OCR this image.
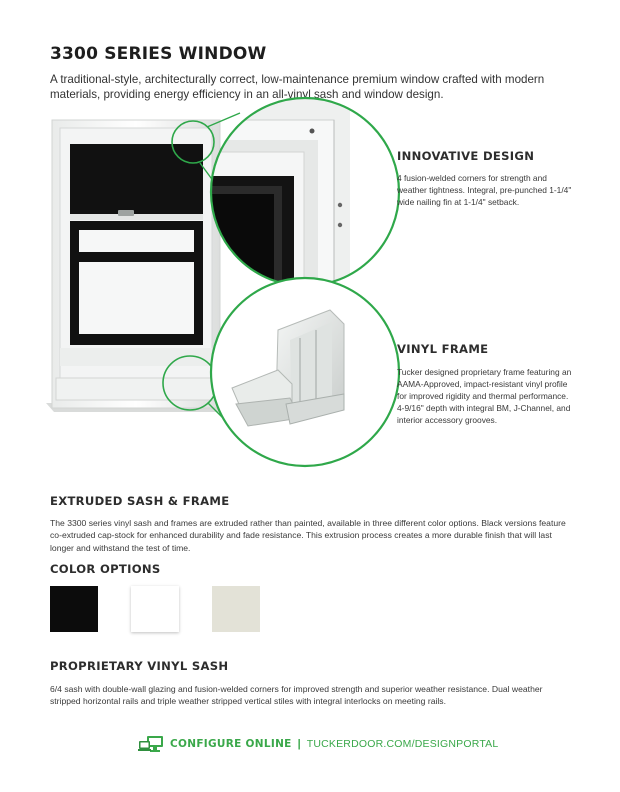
3300 SERIES WINDOW

A traditional-style, architecturally correct, low-maintenance premium window crafted with modern materials, providing energy efficiency in an all-vinyl sash and window design.

INNOVATIVE DESIGN

4 fusion-welded corners for strength and weather tightness. Integral, pre-punched 1-1/4" wide nailing fin at 1-1/4" setback.

VINYL FRAME

Tucker designed proprietary frame featuring an AAMA-Approved, impact-resistant vinyl profile for improved rigidity and thermal performance. 4-9/16" depth with integral BM, J-Channel, and interior accessory grooves.

EXTRUDED SASH & FRAME

The 3300 series vinyl sash and frames are extruded rather than painted, available in three different color options. Black versions feature co-extruded cap-stock for enhanced durability and fade resistance. This extrusion process creates a more durable finish that will last longer and withstand the test of time.

COLOR OPTIONS
PROPRIETARY VINYL SASH

6/4 sash with double-wall glazing and fusion-welded corners for improved strength and superior weather resistance. Dual weather stripped horizontal rails and triple weather stripped vertical stiles with integral interlocks on meeting rails.

CONFIGURE ONLINE | TUCKERDOOR.COM/DESIGNPORTAL
